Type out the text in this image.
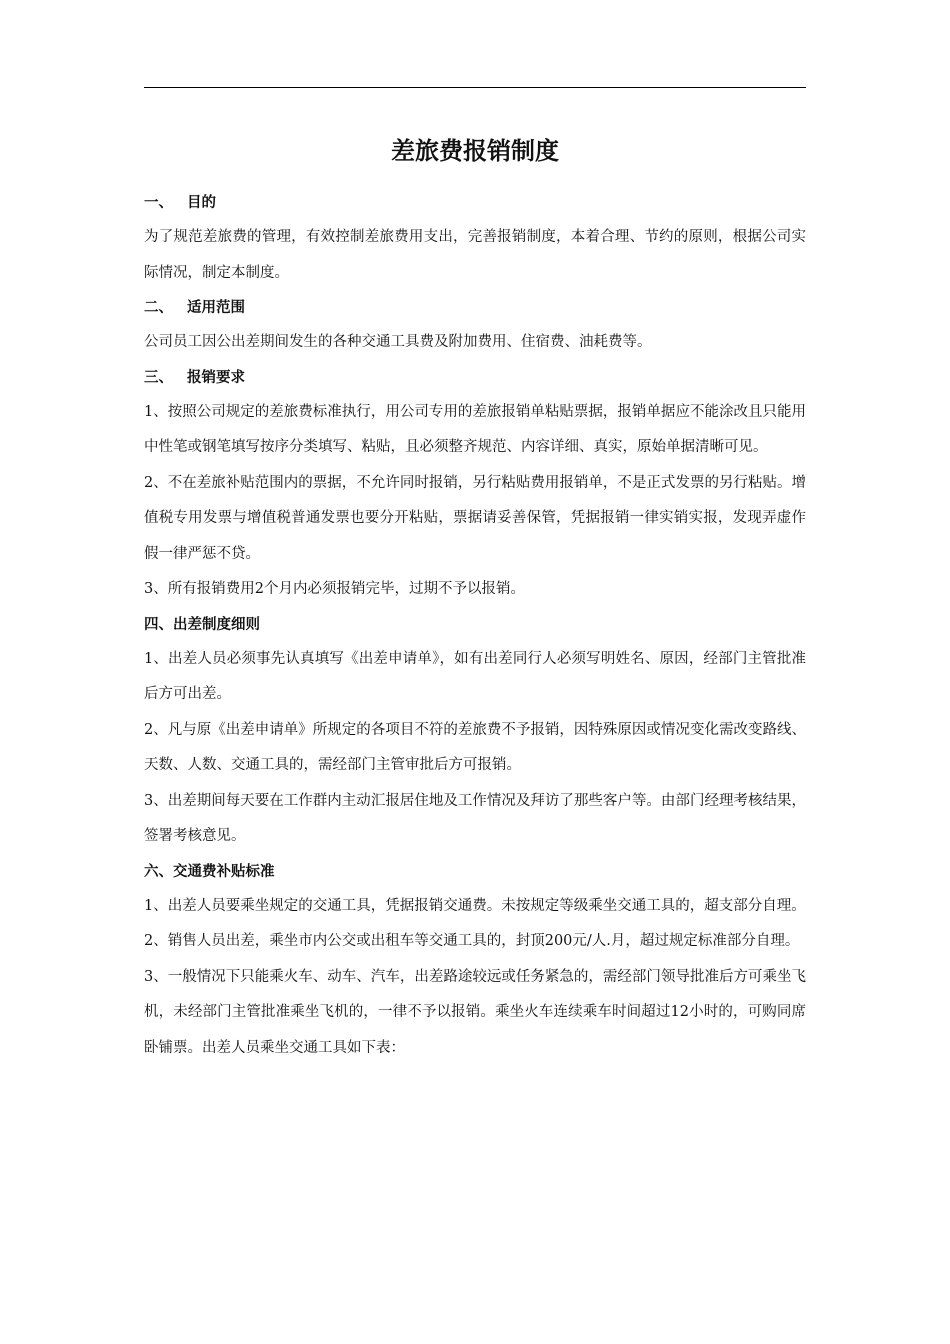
差旅费报销制度
一、 目的

为了规范差旅费的管理，有效控制差旅费用支出，完善报销制度，本着合理、节约的原则，根据公司实际情况，制定本制度。

二、 适用范围

公司员工因公出差期间发生的各种交通工具费及附加费用、住宿费、油耗费等。

三、 报销要求

1、按照公司规定的差旅费标准执行，用公司专用的差旅报销单粘贴票据，报销单据应不能涂改且只能用中性笔或钢笔填写按序分类填写、粘贴，且必须整齐规范、内容详细、真实，原始单据清晰可见。

2、不在差旅补贴范围内的票据，不允许同时报销，另行粘贴费用报销单，不是正式发票的另行粘贴。增值税专用发票与增值税普通发票也要分开粘贴，票据请妥善保管，凭据报销一律实销实报，发现弄虚作假一律严惩不贷。

3、所有报销费用2个月内必须报销完毕，过期不予以报销。

四、出差制度细则

1、出差人员必须事先认真填写《出差申请单》，如有出差同行人必须写明姓名、原因，经部门主管批准后方可出差。

2、凡与原《出差申请单》所规定的各项目不符的差旅费不予报销，因特殊原因或情况变化需改变路线、天数、人数、交通工具的，需经部门主管审批后方可报销。

3、出差期间每天要在工作群内主动汇报居住地及工作情况及拜访了那些客户等。由部门经理考核结果，签署考核意见。

六、交通费补贴标准

1、出差人员要乘坐规定的交通工具，凭据报销交通费。未按规定等级乘坐交通工具的，超支部分自理。

2、销售人员出差，乘坐市内公交或出租车等交通工具的，封顶200元/人.月，超过规定标准部分自理。

3、一般情况下只能乘火车、动车、汽车，出差路途较远或任务紧急的，需经部门领导批准后方可乘坐飞机，未经部门主管批准乘坐飞机的，一律不予以报销。乘坐火车连续乘车时间超过12小时的，可购同席卧铺票。出差人员乘坐交通工具如下表：
